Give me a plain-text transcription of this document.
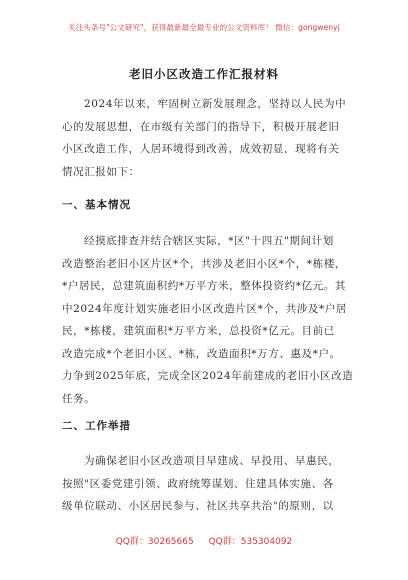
关注头条号"公文研究"，获得最新最全最专业的公文资料库！ 微信：gongwenyj
老旧小区改造工作汇报材料

2024年以来，牢固树立新发展理念，坚持以人民为中
心的发展思想，在市级有关部门的指导下，积极开展老旧
小区改造工作，人居环境得到改善，成效初显，现将有关
情况汇报如下：

一、基本情况

经摸底排查并结合辖区实际，*区"十四五"期间计划
改造整治老旧小区片区*个，共涉及老旧小区*个，*栋楼，
*户居民，总建筑面积约*万平方米，整体投资约*亿元。其
中2024年度计划实施老旧小区改造片区*个，共涉及*户居
民，*栋楼，建筑面积*万平方米，总投资*亿元。目前已
改造完成*个老旧小区、*栋，改造面积*万方、惠及*户。
力争到2025年底，完成全区2024年前建成的老旧小区改造
任务。

二、工作举措

为确保老旧小区改造项目早建成、早投用、早惠民，
按照"区委党建引领、政府统筹谋划、住建具体实施、各
级单位联动、小区居民参与、社区共享共治"的原则，以

QQ群：30265665 QQ群：535304092
